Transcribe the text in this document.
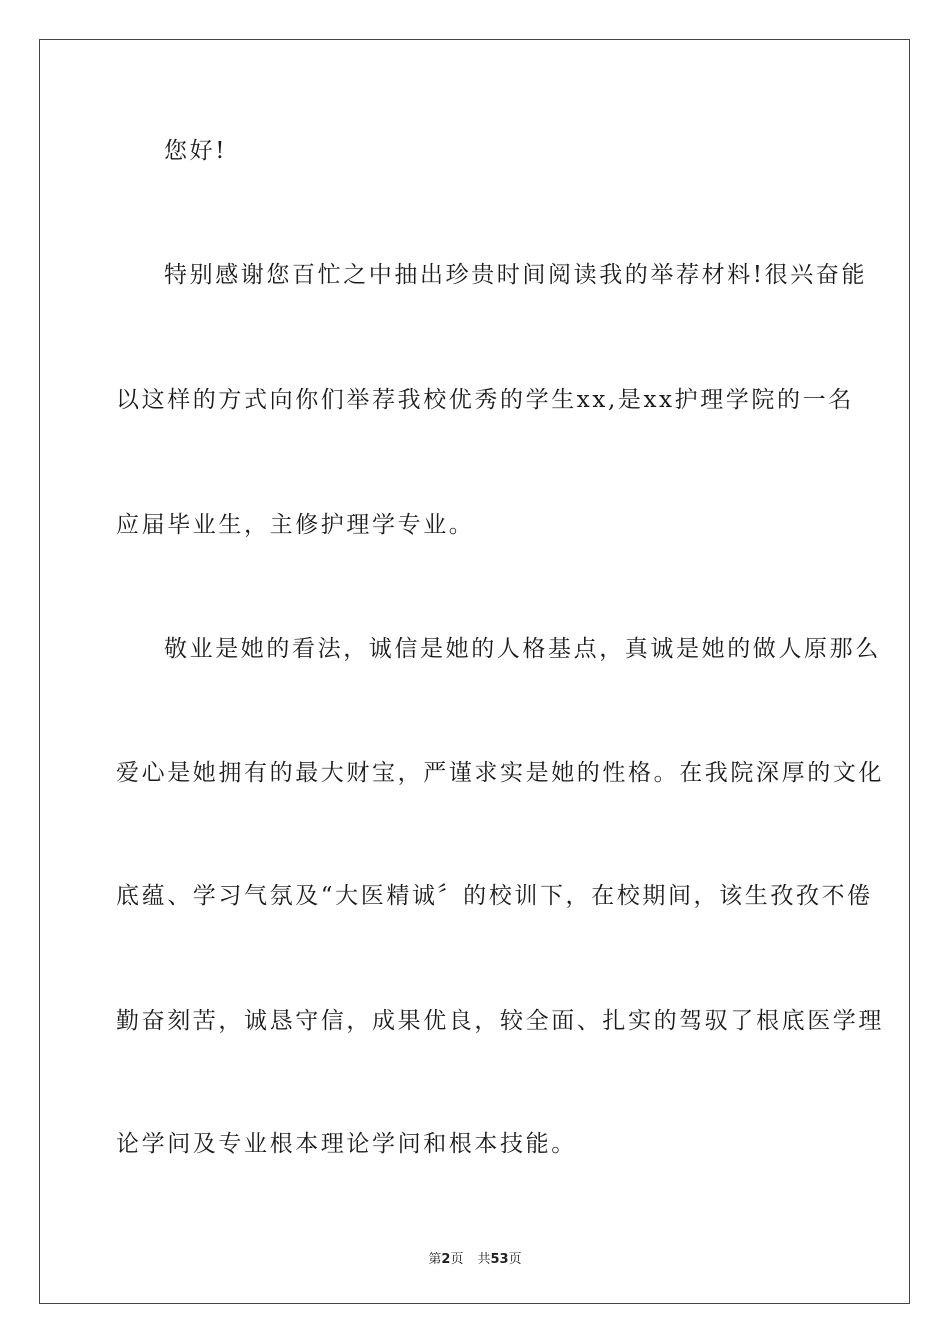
您好!
特别感谢您百忙之中抽出珍贵时间阅读我的举荐材料!很兴奋能
以这样的方式向你们举荐我校优秀的学生xx,是xx护理学院的一名
应届毕业生，主修护理学专业。
敬业是她的看法，诚信是她的人格基点，真诚是她的做人原那么
爱心是她拥有的最大财宝，严谨求实是她的性格。在我院深厚的文化
底蕴、学习气氛及“大医精诚〞的校训下，在校期间，该生孜孜不倦
勤奋刻苦，诚恳守信，成果优良，较全面、扎实的驾驭了根底医学理
论学问及专业根本理论学问和根本技能。
第2页 共53页
